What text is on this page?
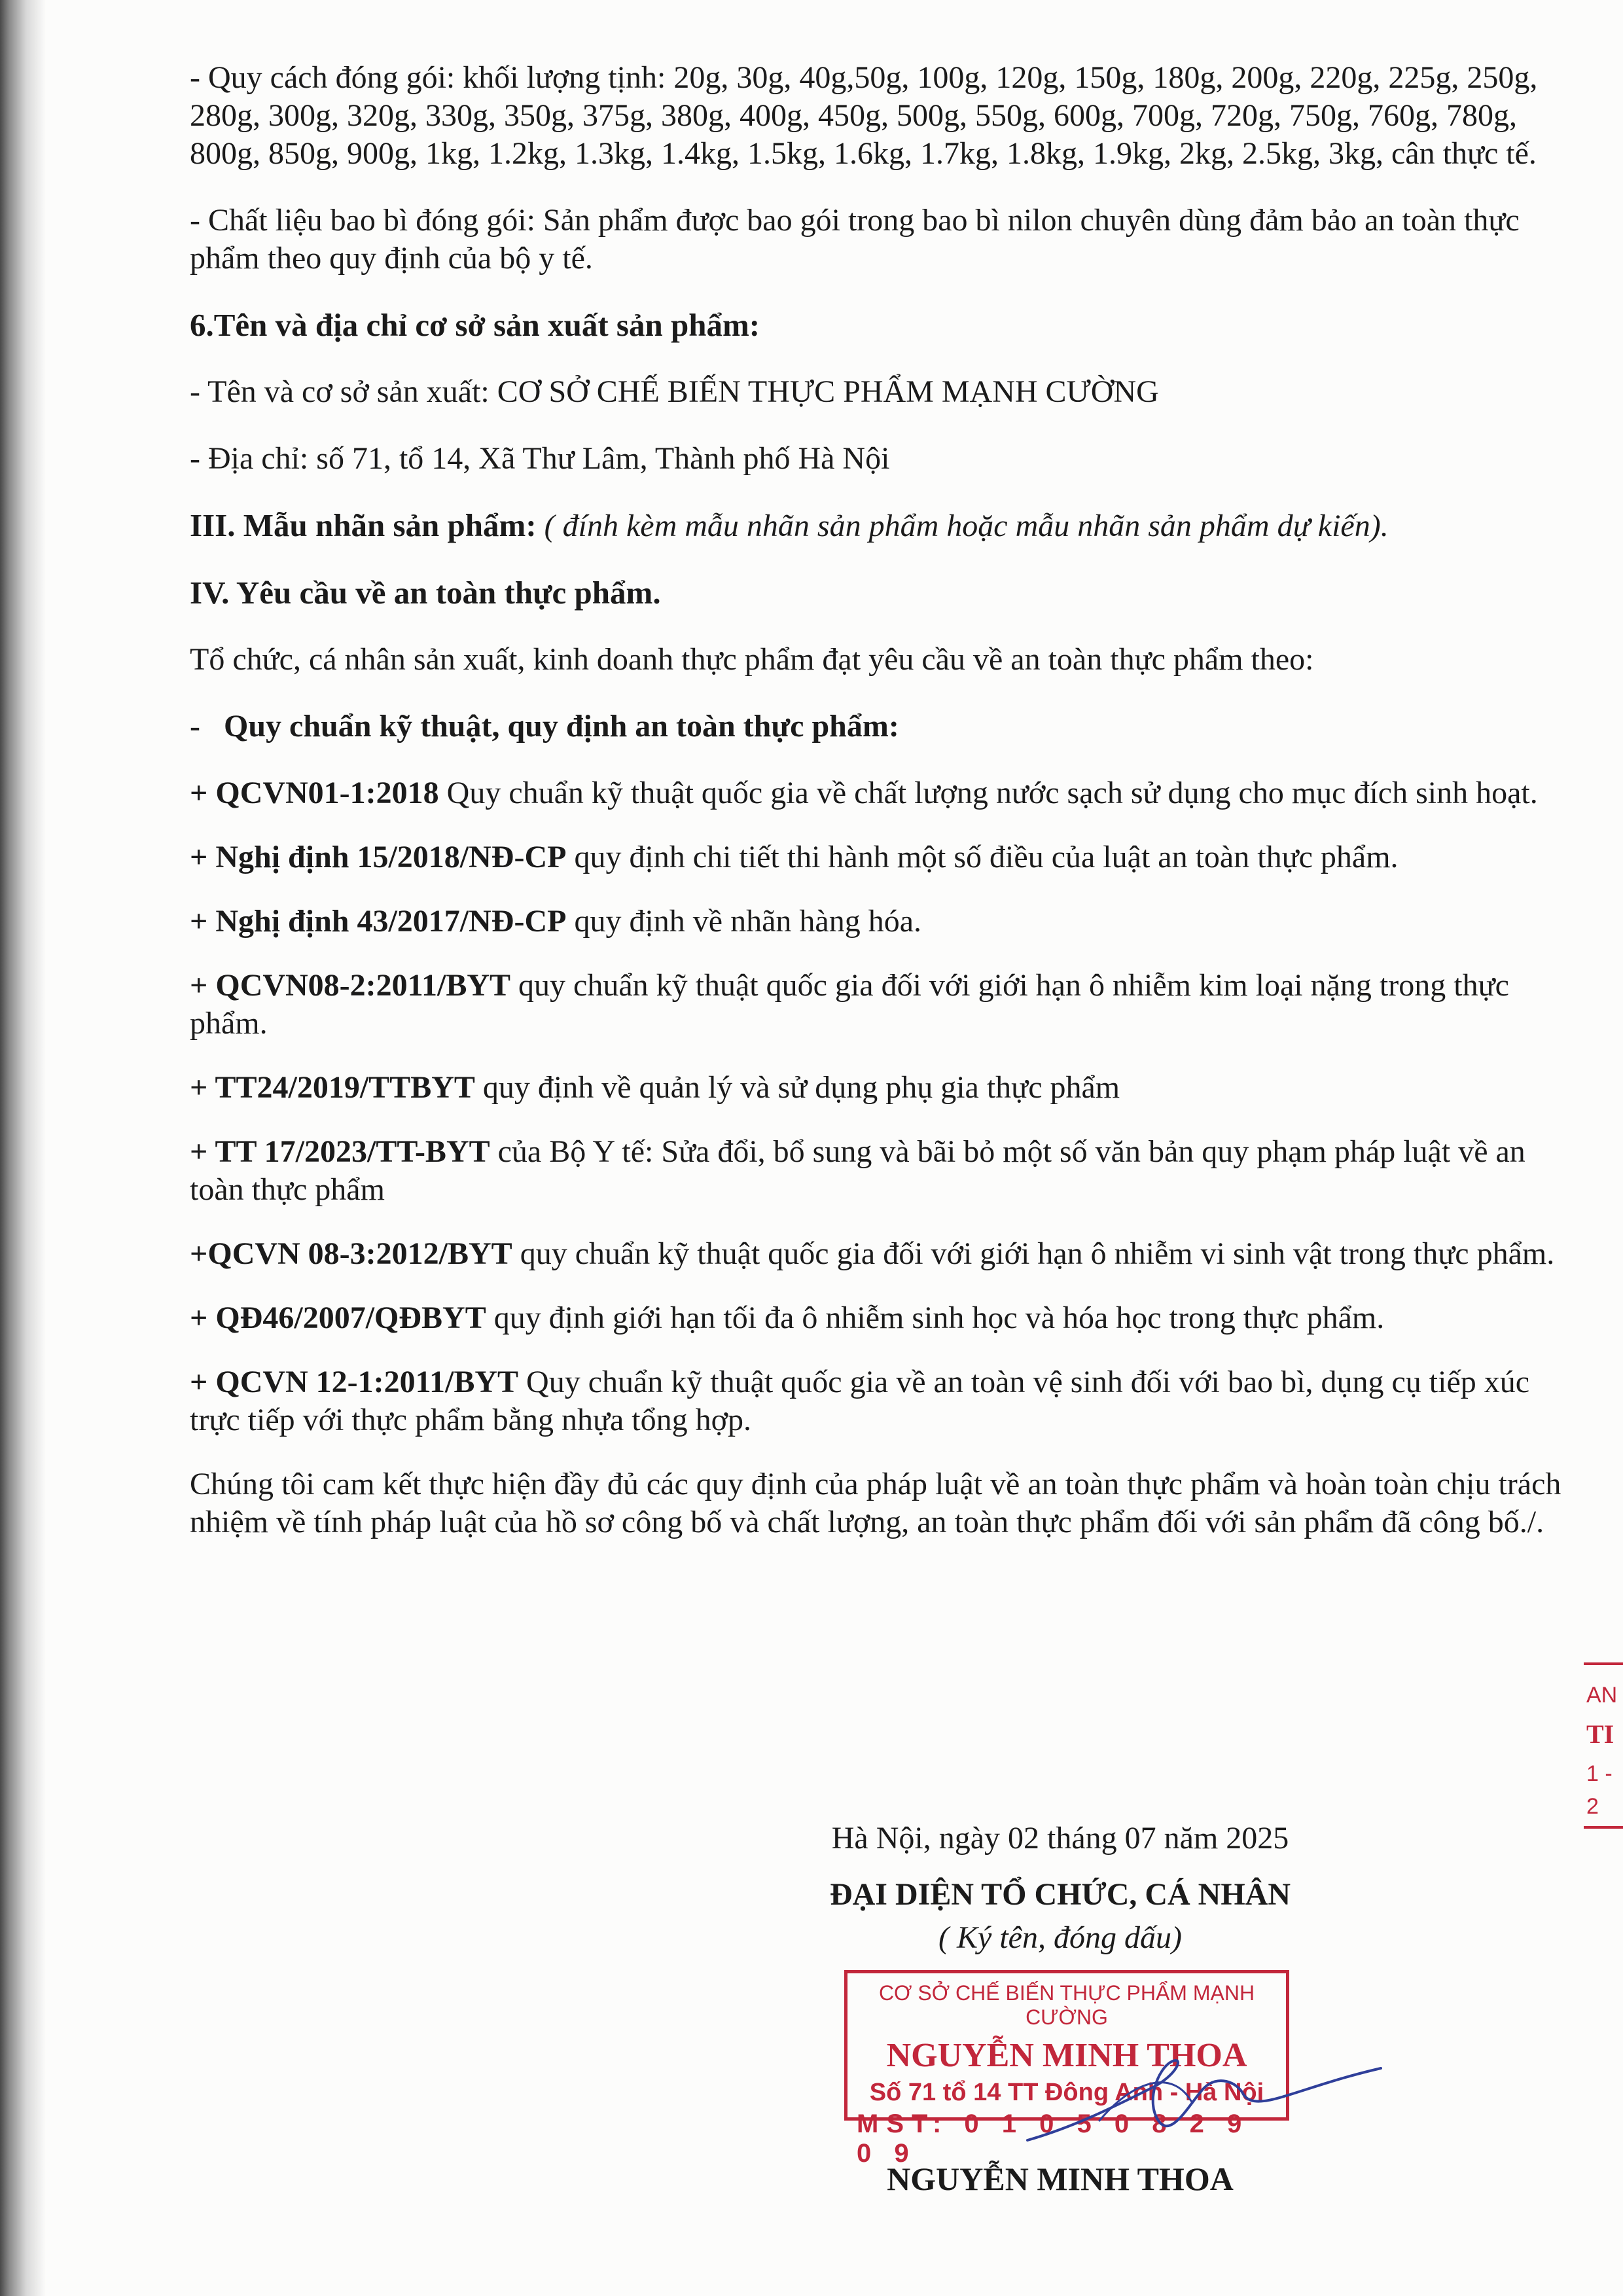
- Quy cách đóng gói: khối lượng tịnh: 20g, 30g, 40g,50g, 100g, 120g, 150g, 180g, 200g, 220g, 225g, 250g, 280g, 300g, 320g, 330g, 350g, 375g, 380g, 400g, 450g, 500g, 550g, 600g, 700g, 720g, 750g, 760g, 780g, 800g, 850g, 900g, 1kg, 1.2kg, 1.3kg, 1.4kg, 1.5kg, 1.6kg, 1.7kg, 1.8kg, 1.9kg, 2kg, 2.5kg, 3kg, cân thực tế.

- Chất liệu bao bì đóng gói: Sản phẩm được bao gói trong bao bì nilon chuyên dùng đảm bảo an toàn thực phẩm theo quy định của bộ y tế.

6.Tên và địa chỉ cơ sở sản xuất sản phẩm:

- Tên và cơ sở sản xuất: CƠ SỞ CHẾ BIẾN THỰC PHẨM MẠNH CƯỜNG

- Địa chỉ: số 71, tổ 14, Xã Thư Lâm, Thành phố Hà Nội

III. Mẫu nhãn sản phẩm: ( đính kèm mẫu nhãn sản phẩm hoặc mẫu nhãn sản phẩm dự kiến).

IV. Yêu cầu về an toàn thực phẩm.

Tổ chức, cá nhân sản xuất, kinh doanh thực phẩm đạt yêu cầu về an toàn thực phẩm theo:

- Quy chuẩn kỹ thuật, quy định an toàn thực phẩm:

+ QCVN01-1:2018 Quy chuẩn kỹ thuật quốc gia về chất lượng nước sạch sử dụng cho mục đích sinh hoạt.

+ Nghị định 15/2018/NĐ-CP quy định chi tiết thi hành một số điều của luật an toàn thực phẩm.

+ Nghị định 43/2017/NĐ-CP quy định về nhãn hàng hóa.

+ QCVN08-2:2011/BYT quy chuẩn kỹ thuật quốc gia đối với giới hạn ô nhiễm kim loại nặng trong thực phẩm.

+ TT24/2019/TTBYT quy định về quản lý và sử dụng phụ gia thực phẩm

+ TT 17/2023/TT-BYT của Bộ Y tế: Sửa đổi, bổ sung và bãi bỏ một số văn bản quy phạm pháp luật về an toàn thực phẩm

+QCVN 08-3:2012/BYT quy chuẩn kỹ thuật quốc gia đối với giới hạn ô nhiễm vi sinh vật trong thực phẩm.

+ QĐ46/2007/QĐBYT quy định giới hạn tối đa ô nhiễm sinh học và hóa học trong thực phẩm.

+ QCVN 12-1:2011/BYT Quy chuẩn kỹ thuật quốc gia về an toàn vệ sinh đối với bao bì, dụng cụ tiếp xúc trực tiếp với thực phẩm bằng nhựa tổng hợp.

Chúng tôi cam kết thực hiện đầy đủ các quy định của pháp luật về an toàn thực phẩm và hoàn toàn chịu trách nhiệm về tính pháp luật của hồ sơ công bố và chất lượng, an toàn thực phẩm đối với sản phẩm đã công bố./.

Hà Nội, ngày 02 tháng 07 năm 2025
ĐẠI DIỆN TỔ CHỨC, CÁ NHÂN
( Ký tên, đóng dấu)
CƠ SỞ CHẾ BIẾN THỰC PHẨM MẠNH CƯỜNG
NGUYỄN MINH THOA
Số 71 tổ 14 TT Đông Anh - Hà Nội
MST: 0 1 0 5 0 8 2 9 0 9
NGUYỄN MINH THOA
AN
TI
1 -
2
